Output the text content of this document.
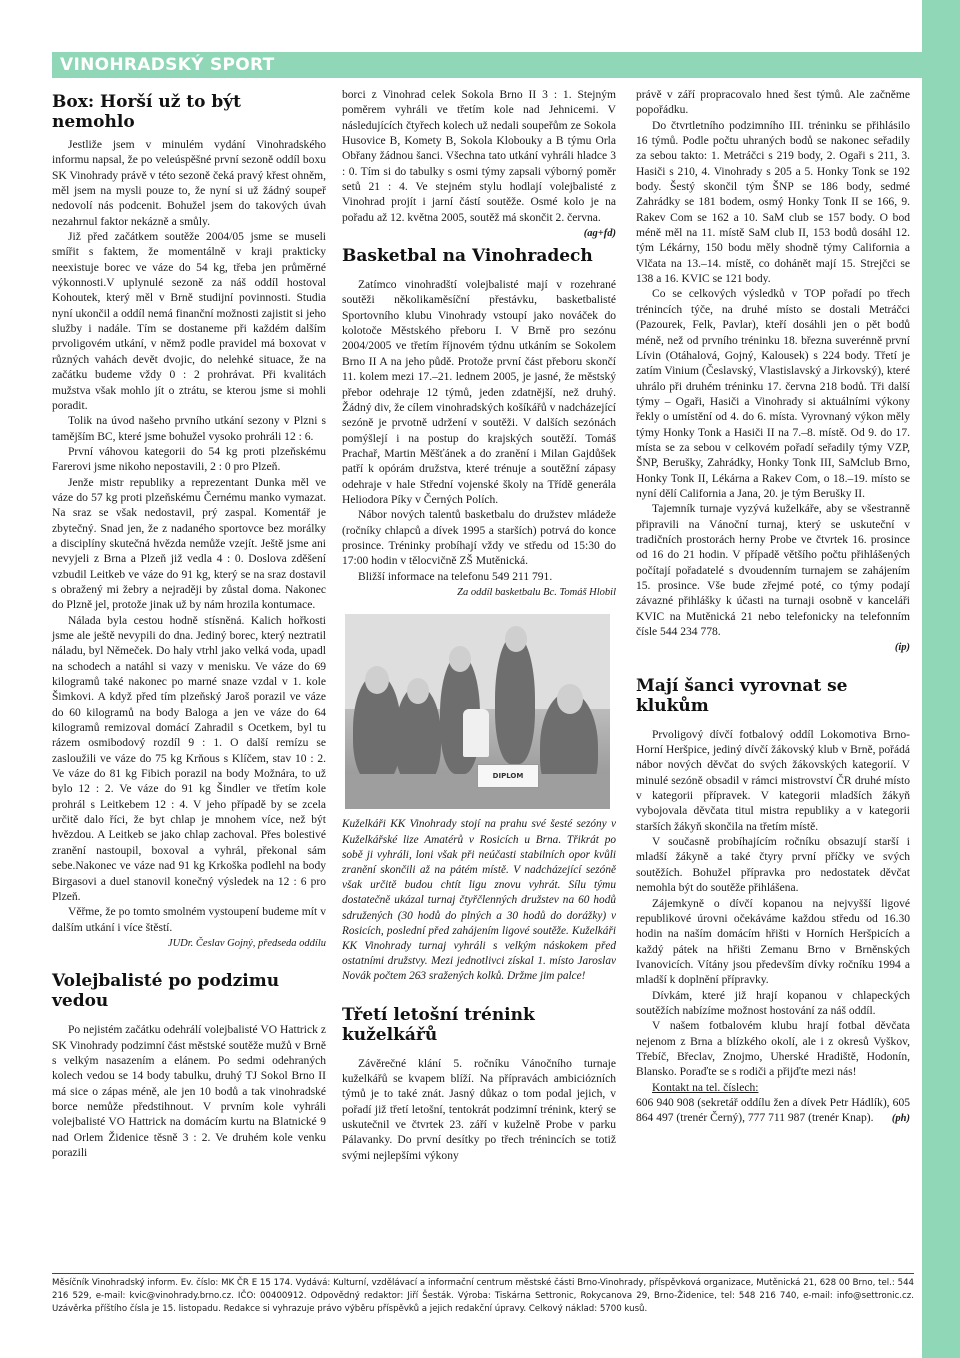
VINOHRADSKÝ SPORT
Box: Horší už to být nemohlo

Jestliže jsem v minulém vydání Vinohradského informu napsal, že po veleúspěšné první sezoně oddíl boxu SK Vinohrady právě v této sezoně čeká pravý křest ohněm, měl jsem na mysli pouze to, že nyní si už žádný soupeř nedovolí nás podcenit. Bohužel jsem do takových úvah nezahrnul faktor nekázně a smůly.

Již před začátkem soutěže 2004/05 jsme se museli smířit s faktem, že momentálně v kraji prakticky neexistuje borec ve váze do 54 kg, třeba jen průměrné výkonnosti.V uplynulé sezoně za náš oddíl hostoval Kohoutek, který měl v Brně studijní povinnosti. Studia nyní ukončil a oddíl nemá finanční možnosti zajistit si jeho služby i nadále. Tím se dostaneme při každém dalším prvoligovém utkání, v němž podle pravidel má boxovat v různých vahách devět dvojic, do nelehké situace, že na začátku budeme vždy 0 : 2 prohrávat. Při kvalitách mužstva však mohlo jít o ztrátu, se kterou jsme si mohli poradit.

Tolik na úvod našeho prvního utkání sezony v Plzni s tamějším BC, které jsme bohužel vysoko prohráli 12 : 6.

První váhovou kategorii do 54 kg proti plzeňskému Farerovi jsme nikoho nepostavili, 2 : 0 pro Plzeň.

Jenže mistr republiky a reprezentant Dunka měl ve váze do 57 kg proti plzeňskému Černému manko vymazat. Na sraz se však nedostavil, prý zaspal. Komentář je zbytečný. Snad jen, že z nadaného sportovce bez morálky a disciplíny skutečná hvězda nemůže vzejít. Ještě jsme ani nevyjeli z Brna a Plzeň již vedla 4 : 0. Doslova zděšení vzbudil Leitkeb ve váze do 91 kg, který se na sraz dostavil s obražený mi žebry a nejraději by zůstal doma. Nakonec do Plzně jel, protože jinak už by nám hrozila kontumace.

Nálada byla cestou hodně stísněná. Kalich hořkosti jsme ale ještě nevypili do dna. Jediný borec, který neztratil náladu, byl Němeček. Do haly vtrhl jako velká voda, upadl na schodech a natáhl si vazy v menisku. Ve váze do 69 kilogramů také nakonec po marné snaze vzdal v 1. kole Šimkovi. A když před tím plzeňský Jaroš porazil ve váze do 60 kilogramů na body Baloga a jen ve váze do 64 kilogramů remizoval domácí Zahradil s Ocetkem, byl tu rázem osmibodový rozdíl 9 : 1. O další remízu se zasloužili ve váze do 75 kg Krňous s Klíčem, stav 10 : 2. Ve váze do 81 kg Fibich porazil na body Možnára, to už bylo 12 : 2. Ve váze do 91 kg Šindler ve třetím kole prohrál s Leitkebem 12 : 4. V jeho případě by se zcela určitě dalo říci, že byt chlap je mnohem více, než být hvězdou. A Leitkeb se jako chlap zachoval. Přes bolestivé zranění nastoupil, boxoval a vyhrál, překonal sám sebe.Nakonec ve váze nad 91 kg Krkoška podlehl na body Birgasovi a duel stanovil konečný výsledek na 12 : 6 pro Plzeň.

Věřme, že po tomto smolném vystoupení budeme mít v dalším utkání i více štěstí.

JUDr. Česlav Gojný, předseda oddílu

Volejbalisté po podzimu vedou

Po nejistém začátku odehrálí volejbalisté VO Hattrick z SK Vinohrady podzimní část městské soutěže mužů v Brně s velkým nasazením a elánem. Po sedmi odehraných kolech vedou se 14 body tabulku, druhý TJ Sokol Brno II má sice o zápas méně, ale jen 10 bodů a tak vinohradské borce nemůže předstihnout. V prvním kole vyhráli volejbalisté VO Hattrick na domácím kurtu na Blatnické 9 nad Orlem Židenice těsně 3 : 2. Ve druhém kole venku porazili

borci z Vinohrad celek Sokola Brno II 3 : 1. Stejným poměrem vyhráli ve třetím kole nad Jehnicemi. V následujících čtyřech kolech už nedali soupeřům ze Sokola Husovice B, Komety B, Sokola Klobouky a B týmu Orla Obřany žádnou šanci. Všechna tato utkání vyhráli hladce 3 : 0. Tím si do tabulky s osmi týmy zapsali výborný poměr setů 21 : 4. Ve stejném stylu hodlají volejbalisté z Vinohrad projít i jarní částí soutěže. Osmé kolo je na pořadu až 12. května 2005, soutěž má skončit 2. června.
(ag+fd)

Basketbal na Vinohradech

Zatímco vinohradští volejbalisté mají v rozehrané soutěži několikaměsíční přestávku, basketbalisté Sportovního klubu Vinohrady vstoupí jako nováček do kolotoče Městského přeboru I. V Brně pro sezónu 2004/2005 ve třetím říjnovém týdnu utkáním se Sokolem Brno II A na jeho půdě. Protože první část přeboru skončí 11. kolem mezi 17.–21. lednem 2005, je jasné, že městský přebor odehraje 12 týmů, jeden zdatnější, než druhý. Žádný div, že cílem vinohradských košíkářů v nadcházející sezóně je prvotně udržení v soutěži. V dalších sezónách pomýšlejí i na postup do krajských soutěží. Tomáš Prachař, Martin Měšťánek a do zranění i Milan Gajdůšek patří k opórám družstva, které trénuje a soutěžní zápasy odehraje v hale Střední vojenské školy na Třídě generála Heliodora Píky v Černých Polích.

Nábor nových talentů basketbalu do družstev mládeže (ročníky chlapců a dívek 1995 a starších) potrvá do konce prosince. Tréninky probíhají vždy ve středu od 15:30 do 17:00 hodin v tělocvičně ZŠ Mutěnická.

Bližší informace na telefonu 549 211 791.

Za oddíl basketbalu Bc. Tomáš Hlobil

DIPLOM

Kuželkáři KK Vinohrady stojí na prahu své šesté sezóny v Kuželkářské lize Amatérů v Rosicích u Brna. Třikrát po sobě ji vyhráli, loni však při neúčasti stabilních opor kvůli zranění skončili až na pátém místě. V nadcházející sezóně však určitě budou chtít ligu znovu vyhrát. Sílu týmu dostatečně ukázal turnaj čtyřčlenných družstev na 60 hodů sdružených (30 hodů do plných a 30 hodů do dorážky) v Rosicích, poslední před zahájením ligové soutěže. Kuželkáři KK Vinohrady turnaj vyhráli s velkým náskokem před ostatními družstvy. Mezi jednotlivci získal 1. místo Jaroslav Novák počtem 263 sražených kolků. Držme jim palce!

Třetí letošní trénink kuželkářů

Závěrečné klání 5. ročníku Vánočního turnaje kuželkářů se kvapem blíží. Na přípravách ambiciózních týmů je to také znát. Jasný důkaz o tom podal jejich, v pořadí již třetí letošní, tentokrát podzimní trénink, který se uskutečnil ve čtvrtek 23. září v kuželně Probe v parku Pálavanky. Do první desítky po třech trénincích se totiž svými nejlepšími výkony

právě v září propracovalo hned šest týmů. Ale začněme popořádku.

Do čtvrtletního podzimního III. tréninku se přihlásilo 16 týmů. Podle počtu uhraných bodů se nakonec seřadily za sebou takto: 1. Metráčci s 219 body, 2. Ogaři s 211, 3. Hasiči s 210, 4. Vinohrady s 205 a 5. Honky Tonk se 192 body. Šestý skončil tým ŠNP se 186 body, sedmé Zahrádky se 181 bodem, osmý Honky Tonk II se 166, 9. Rakev Com se 162 a 10. SaM club se 157 body. O bod méně měl na 11. místě SaM club II, 153 bodů dosáhl 12. tým Lékárny, 150 bodu měly shodně týmy California a Vlčata na 13.–14. místě, co dohánět mají 15. Strejčci se 138 a 16. KVIC se 121 body.

Co se celkových výsledků v TOP pořadí po třech trénincích týče, na druhé místo se dostali Metráčci (Pazourek, Felk, Pavlar), kteří dosáhli jen o pět bodů méně, než od prvního tréninku 18. března suverénně první Lívin (Otáhalová, Gojný, Kalousek) s 224 body. Třetí je zatím Vinium (Česlavský, Vlastislavský a Jirkovský), které uhrálo při druhém tréninku 17. června 218 bodů. Tři další týmy – Ogaři, Hasiči a Vinohrady si aktuálními výkony řekly o umístění od 4. do 6. místa. Vyrovnaný výkon měly týmy Honky Tonk a Hasiči II na 7.–8. místě. Od 9. do 17. místa se za sebou v celkovém pořadí seřadily týmy VZP, ŠNP, Berušky, Zahrádky, Honky Tonk III, SaMclub Brno, Honky Tonk II, Lékárna a Rakev Com, o 18.–19. místo se nyní dělí California a Jana, 20. je tým Berušky II.

Tajemník turnaje vyzývá kuželkáře, aby se všestranně připravili na Vánoční turnaj, který se uskuteční v tradičních prostorách herny Probe ve čtvrtek 16. prosince od 16 do 21 hodin. V případě většího počtu přihlášených počítají pořadatelé s dvoudenním turnajem se zahájením 15. prosince. Vše bude zřejmé poté, co týmy podají závazné přihlášky k účasti na turnaji osobně v kanceláři KVIC na Mutěnická 21 nebo telefonicky na telefonním čísle 544 234 778.

(ip)

Mají šanci vyrovnat se klukům

Prvoligový dívčí fotbalový oddíl Lokomotiva Brno-Horní Heršpice, jediný dívčí žákovský klub v Brně, pořádá nábor nových děvčat do svých žákovských kategorií. V minulé sezóně obsadil v rámci mistrovství ČR druhé místo v kategorii přípravek. V kategorii mladších žákyň vybojovala děvčata titul mistra republiky a v kategorii starších žákyň skončila na třetím místě.

V současně probíhajícím ročníku obsazují starší i mladší žákyně a také čtyry první příčky ve svých soutěžích. Bohužel přípravka pro nedostatek děvčat nemohla být do soutěže přihlášena.

Zájemkyně o dívčí kopanou na nejvyšší ligové republikové úrovni očekáváme každou středu od 16.30 hodin na naším domácím hřišti v Horních Heršpicích a každý pátek na hřišti Zemanu Brno v Brněnských Ivanovicích. Vítány jsou především dívky ročníku 1994 a mladší k doplnění přípravky.

Dívkám, které již hrají kopanou v chlapeckých soutěžích nabízíme možnost hostování za náš oddíl.

V našem fotbalovém klubu hrají fotbal děvčata nejenom z Brna a blízkého okolí, ale i z okresů Vyškov, Třebíč, Břeclav, Znojmo, Uherské Hradiště, Hodonín, Blansko. Poraďte se s rodiči a přijďte mezi nás!

Kontakt na tel. číslech:

606 940 908 (sekretář oddílu žen a dívek Petr Hádlík), 605 864 497 (trenér Černý), 777 711 987 (trenér Knap). (ph)

Měsíčník Vinohradský inform. Ev. číslo: MK ČR E 15 174. Vydává: Kulturní, vzdělávací a informační centrum městské části Brno-Vinohrady, příspěvková organizace, Mutěnická 21, 628 00 Brno, tel.: 544 216 529, e-mail: kvic@vinohrady.brno.cz. IČO: 00400912. Odpovědný redaktor: Jiří Šesták. Výroba: Tiskárna Settronic, Rokycanova 29, Brno-Židenice, tel: 548 216 740, e-mail: info@settronic.cz. Uzávěrka příštího čísla je 15. listopadu. Redakce si vyhrazuje právo výběru příspěvků a jejich redakční úpravy. Celkový náklad: 5700 kusů.
